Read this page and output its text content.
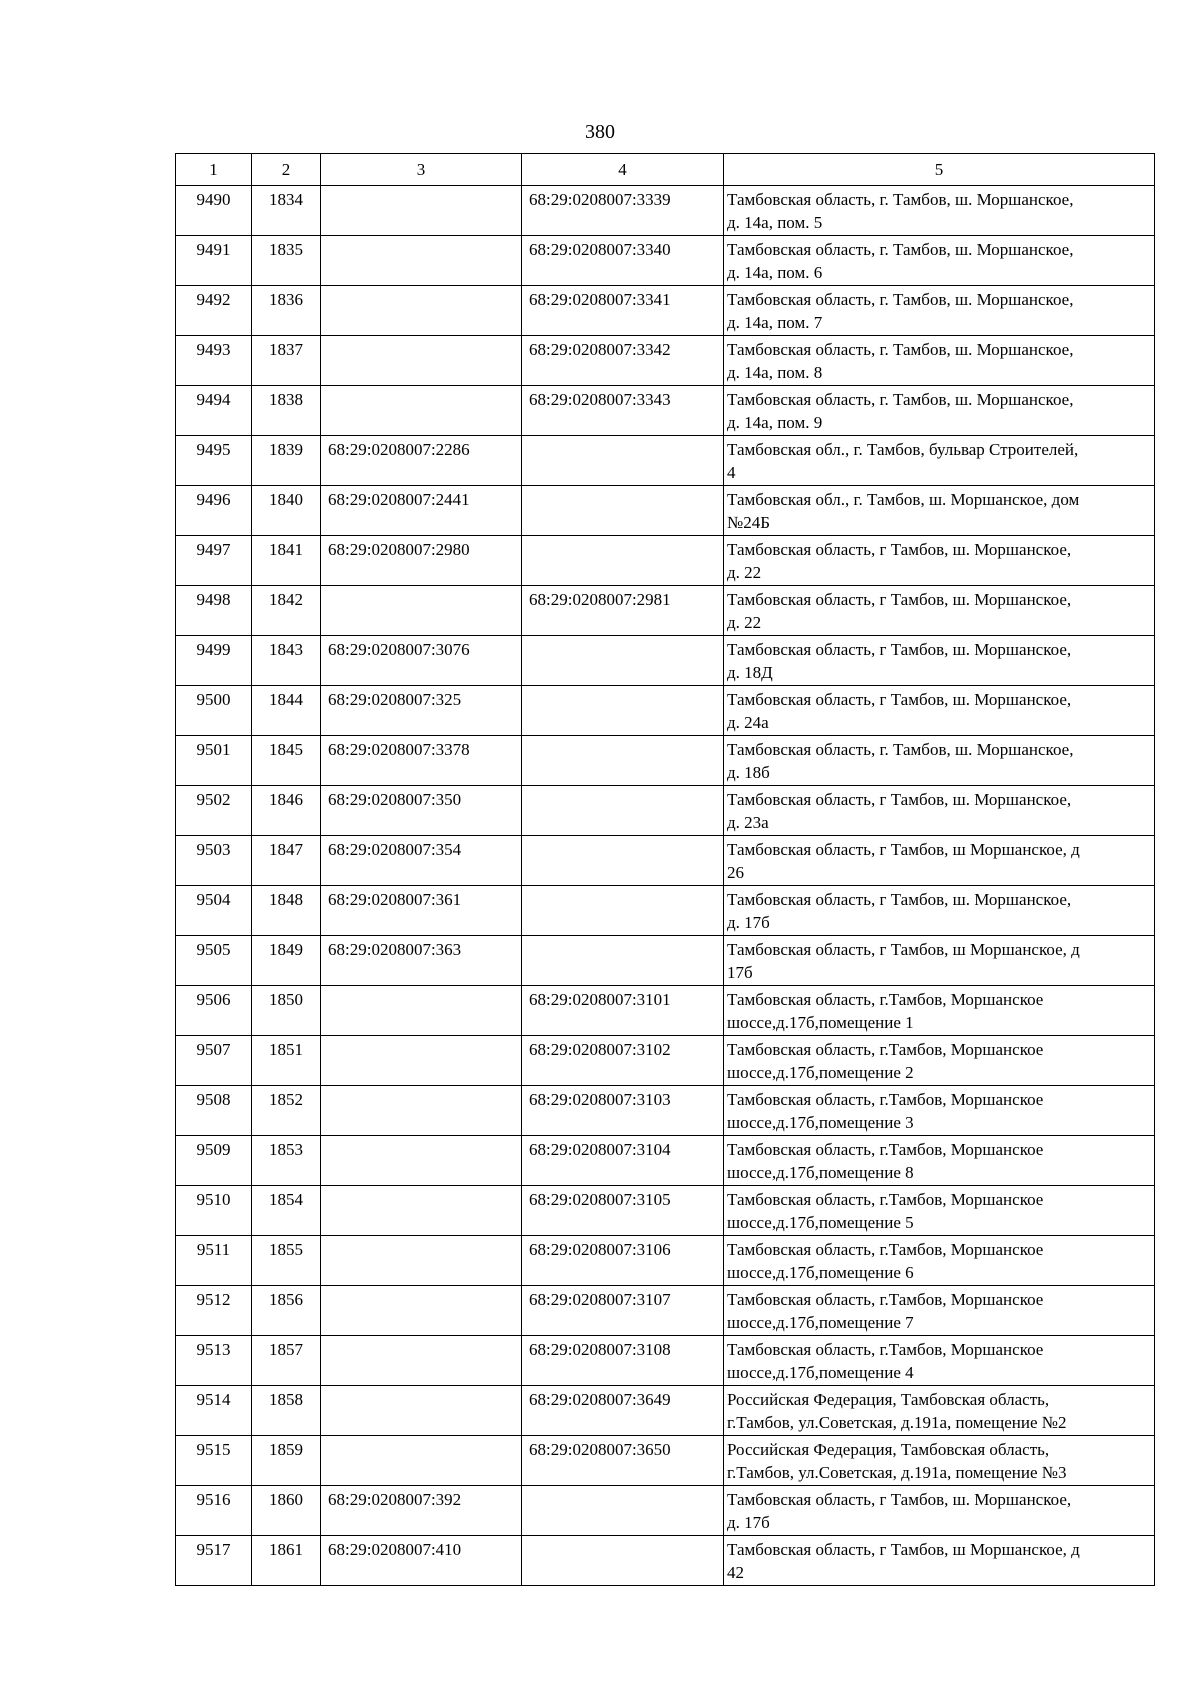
380
1	2	3	4	5
9490	1834		68:29:0208007:3339	Тамбовская область, г. Тамбов, ш. Моршанское,
д. 14а, пом. 5

9491	1835		68:29:0208007:3340	Тамбовская область, г. Тамбов, ш. Моршанское,
д. 14а, пом. 6

9492	1836		68:29:0208007:3341	Тамбовская область, г. Тамбов, ш. Моршанское,
д. 14а, пом. 7

9493	1837		68:29:0208007:3342	Тамбовская область, г. Тамбов, ш. Моршанское,
д. 14а, пом. 8

9494	1838		68:29:0208007:3343	Тамбовская область, г. Тамбов, ш. Моршанское,
д. 14а, пом. 9

9495	1839	68:29:0208007:2286		Тамбовская обл., г. Тамбов, бульвар Строителей,
4

9496	1840	68:29:0208007:2441		Тамбовская обл., г. Тамбов, ш. Моршанское, дом
№24Б

9497	1841	68:29:0208007:2980		Тамбовская область, г Тамбов, ш. Моршанское,
д. 22

9498	1842		68:29:0208007:2981	Тамбовская область, г Тамбов, ш. Моршанское,
д. 22

9499	1843	68:29:0208007:3076		Тамбовская область, г Тамбов, ш. Моршанское,
д. 18Д

9500	1844	68:29:0208007:325		Тамбовская область, г Тамбов, ш. Моршанское,
д. 24а

9501	1845	68:29:0208007:3378		Тамбовская область, г. Тамбов, ш. Моршанское,
д. 18б

9502	1846	68:29:0208007:350		Тамбовская область, г Тамбов, ш. Моршанское,
д. 23а

9503	1847	68:29:0208007:354		Тамбовская область, г Тамбов, ш Моршанское, д
26

9504	1848	68:29:0208007:361		Тамбовская область, г Тамбов, ш. Моршанское,
д. 17б

9505	1849	68:29:0208007:363		Тамбовская область, г Тамбов, ш Моршанское, д
17б

9506	1850		68:29:0208007:3101	Тамбовская область, г.Тамбов, Моршанское
шоссе,д.17б,помещение 1

9507	1851		68:29:0208007:3102	Тамбовская область, г.Тамбов, Моршанское
шоссе,д.17б,помещение 2

9508	1852		68:29:0208007:3103	Тамбовская область, г.Тамбов, Моршанское
шоссе,д.17б,помещение 3

9509	1853		68:29:0208007:3104	Тамбовская область, г.Тамбов, Моршанское
шоссе,д.17б,помещение 8

9510	1854		68:29:0208007:3105	Тамбовская область, г.Тамбов, Моршанское
шоссе,д.17б,помещение 5

9511	1855		68:29:0208007:3106	Тамбовская область, г.Тамбов, Моршанское
шоссе,д.17б,помещение 6

9512	1856		68:29:0208007:3107	Тамбовская область, г.Тамбов, Моршанское
шоссе,д.17б,помещение 7

9513	1857		68:29:0208007:3108	Тамбовская область, г.Тамбов, Моршанское
шоссе,д.17б,помещение 4

9514	1858		68:29:0208007:3649	Российская Федерация, Тамбовская область,
г.Тамбов, ул.Советская, д.191а, помещение №2

9515	1859		68:29:0208007:3650	Российская Федерация, Тамбовская область,
г.Тамбов, ул.Советская, д.191а, помещение №3

9516	1860	68:29:0208007:392		Тамбовская область, г Тамбов, ш. Моршанское,
д. 17б

9517	1861	68:29:0208007:410		Тамбовская область, г Тамбов, ш Моршанское, д
42
